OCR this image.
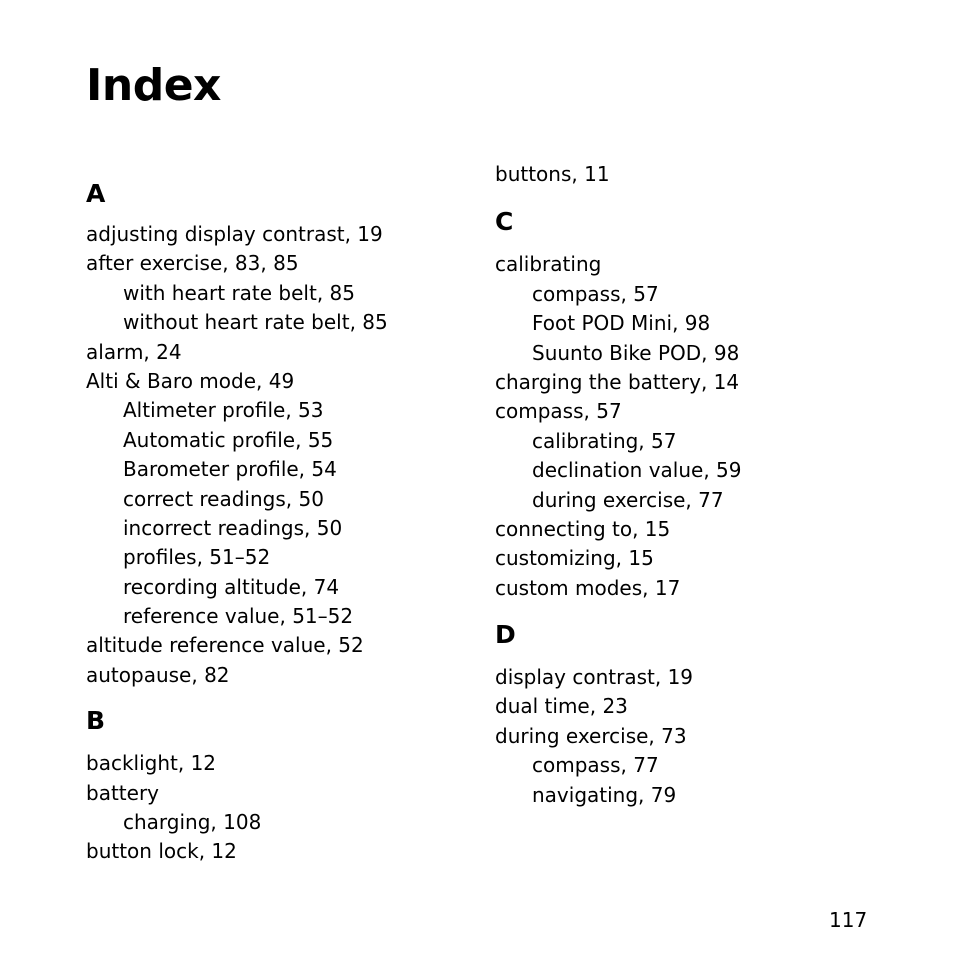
Index
A
adjusting display contrast, 19
after exercise, 83, 85
with heart rate belt, 85
without heart rate belt, 85
alarm, 24
Alti & Baro mode, 49
Altimeter profile, 53
Automatic profile, 55
Barometer profile, 54
correct readings, 50
incorrect readings, 50
profiles, 51–52
recording altitude, 74
reference value, 51–52
altitude reference value, 52
autopause, 82
B
backlight, 12
battery
charging, 108
button lock, 12
buttons, 11
C
calibrating
compass, 57
Foot POD Mini, 98
Suunto Bike POD, 98
charging the battery, 14
compass, 57
calibrating, 57
declination value, 59
during exercise, 77
connecting to, 15
customizing, 15
custom modes, 17
D
display contrast, 19
dual time, 23
during exercise, 73
compass, 77
navigating, 79
117
